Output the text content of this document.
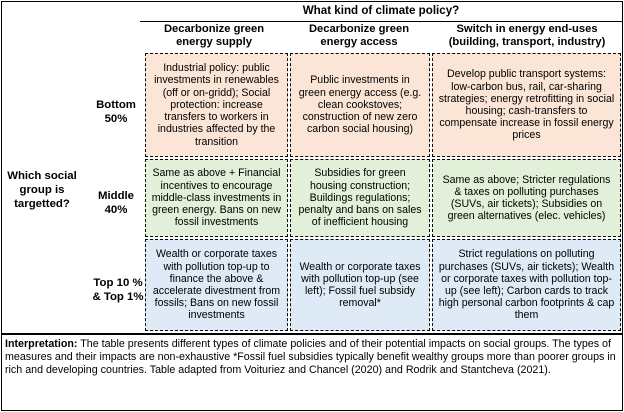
What kind of climate policy?
Decarbonize green energy supply
Decarbonize green energy access
Switch in energy end-uses (building, transport, industry)
Which social group is targetted?
Bottom 50%
Middle 40%
Top 10 % & Top 1%
Industrial policy: public investments in renewables (off or on-gridd); Social protection: increase transfers to workers in industries affected by the transition
Public investments in green energy access (e.g. clean cookstoves; construction of new zero carbon social housing)
Develop public transport systems: low-carbon bus, rail, car-sharing strategies; energy retrofitting in social housing; cash-transfers to compensate increase in fossil energy prices
Same as above + Financial incentives to encourage middle-class investments in green energy. Bans on new fossil investments
Subsidies for green housing construction; Buildings regulations; penalty and bans on sales of inefficient housing
Same as above; Stricter regulations & taxes on polluting purchases (SUVs, air tickets); Subsidies on green alternatives (elec. vehicles)
Wealth or corporate taxes with pollution top-up to finance the above & accelerate divestment from fossils; Bans on new fossil investments
Wealth or corporate taxes with pollution top-up (see left); Fossil fuel subsidy removal*
Strict regulations on polluting purchases (SUVs, air tickets); Wealth or corporate taxes with pollution top-up (see left); Carbon cards to track high personal carbon footprints & cap them
Interpretation: The table presents different types of climate policies and of their potential impacts on social groups. The types of measures and their impacts are non-exhaustive *Fossil fuel subsidies typically benefit wealthy groups more than poorer groups in rich and developing countries. Table adapted from Voituriez and Chancel (2020) and Rodrik and Stantcheva (2021).
